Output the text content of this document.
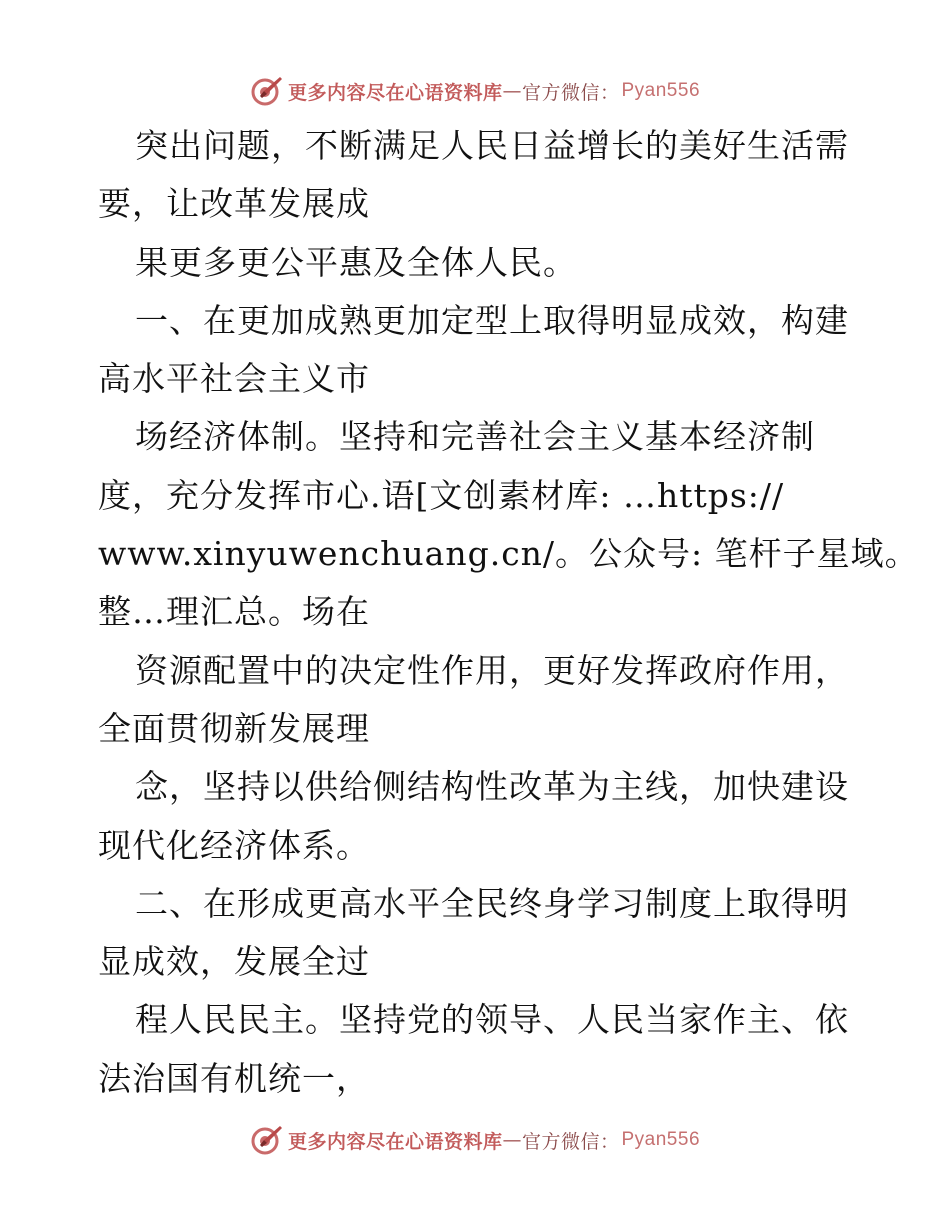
更多内容尽在心语资料库 — 官方微信： Pyan556
突出问题，不断满足人民日益增长的美好生活需
要，让改革发展成
果更多更公平惠及全体人民。
一、在更加成熟更加定型上取得明显成效，构建
高水平社会主义市
场经济体制。坚持和完善社会主义基本经济制
度，充分发挥市心.语[文创素材库: …https://
www.xinyuwenchuang.cn/。公众号: 笔杆子星域。
整…理汇总。场在
资源配置中的决定性作用，更好发挥政府作用，
全面贯彻新发展理
念，坚持以供给侧结构性改革为主线，加快建设
现代化经济体系。
二、在形成更高水平全民终身学习制度上取得明
显成效，发展全过
程人民民主。坚持党的领导、人民当家作主、依
法治国有机统一，
更多内容尽在心语资料库 — 官方微信： Pyan556
